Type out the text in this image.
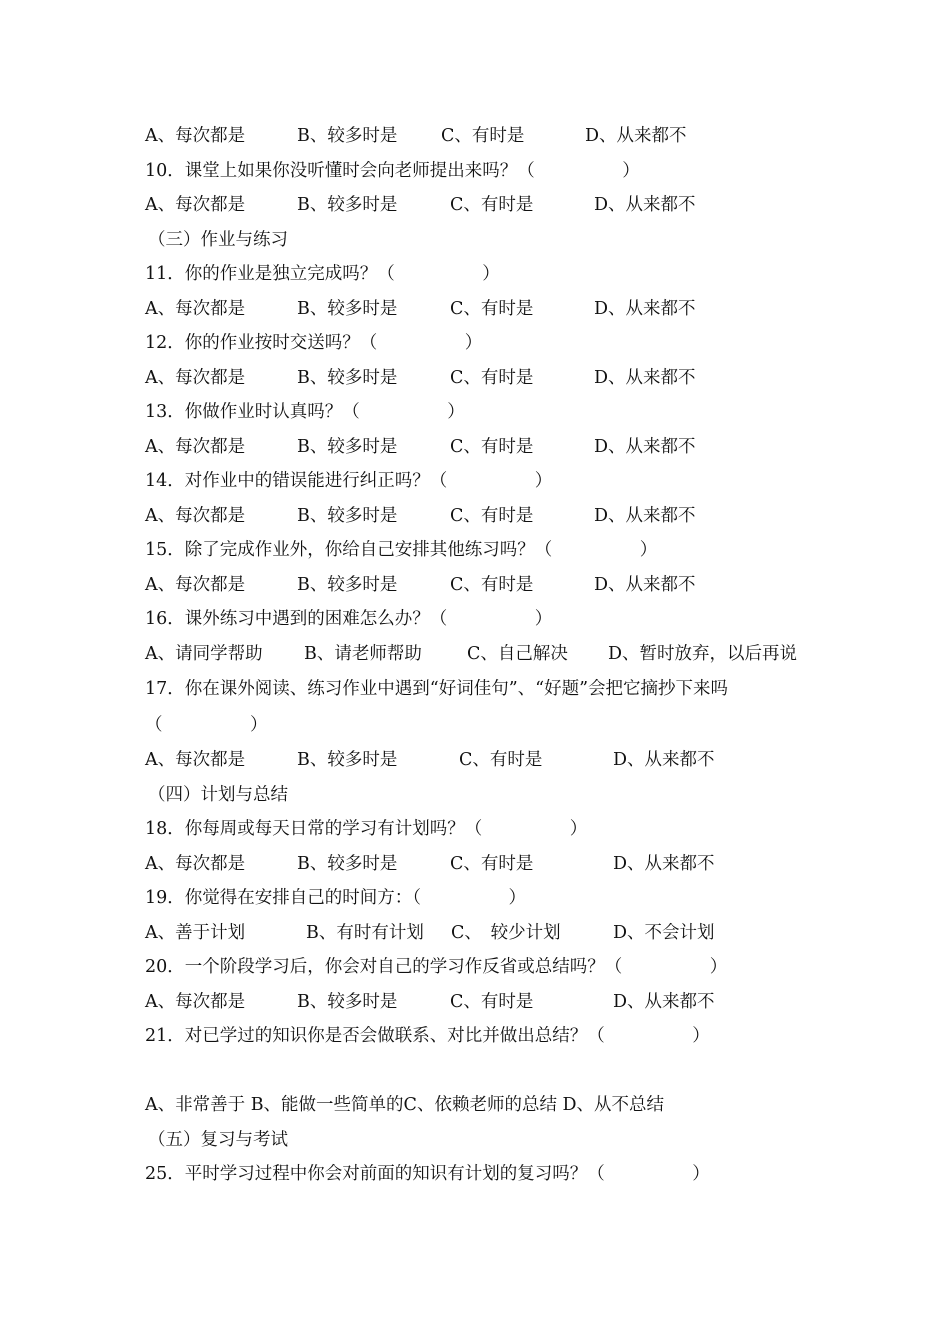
A、每次都是	B、较多时是 C、有时是	D、从来都不
10．课堂上如果你没听懂时会向老师提出来吗？（　　　　　）
A、每次都是	B、较多时是	C、有时是	D、从来都不
（三）作业与练习
11．你的作业是独立完成吗？（　　　　　）
A、每次都是	B、较多时是	C、有时是	D、从来都不
12．你的作业按时交送吗？（　　　　　）
A、每次都是	B、较多时是	C、有时是	D、从来都不
13．你做作业时认真吗？（　　　　　）
A、每次都是	B、较多时是	C、有时是	D、从来都不
14．对作业中的错误能进行纠正吗？（　　　　　）
A、每次都是	B、较多时是	C、有时是	D、从来都不
15．除了完成作业外，你给自己安排其他练习吗？（　　　　　）
A、每次都是	B、较多时是	C、有时是	D、从来都不
16．课外练习中遇到的困难怎么办？（　　　　　）
A、请同学帮助 B、请老师帮助	C、自己解决 D、暂时放弃，以后再说
17．你在课外阅读、练习作业中遇到“好词佳句”、“好题”会把它摘抄下来吗
（　　　　　）
A、每次都是	B、较多时是	C、有时是	D、从来都不
（四）计划与总结
18．你每周或每天日常的学习有计划吗？（　　　　　）
A、每次都是	B、较多时是	C、有时是	D、从来都不
19．你觉得在安排自己的时间方：（　　　　　）
A、善于计划	B、有时有计划 C、　较少计划	D、不会计划
20．一个阶段学习后，你会对自己的学习作反省或总结吗？（　　　　　）
A、每次都是	B、较多时是	C、有时是	D、从来都不
21．对已学过的知识你是否会做联系、对比并做出总结？（　　　　　）
A、非常善于 B、能做一些简单的C、依赖老师的总结 D、从不总结
（五）复习与考试
25．平时学习过程中你会对前面的知识有计划的复习吗？（　　　　　）
